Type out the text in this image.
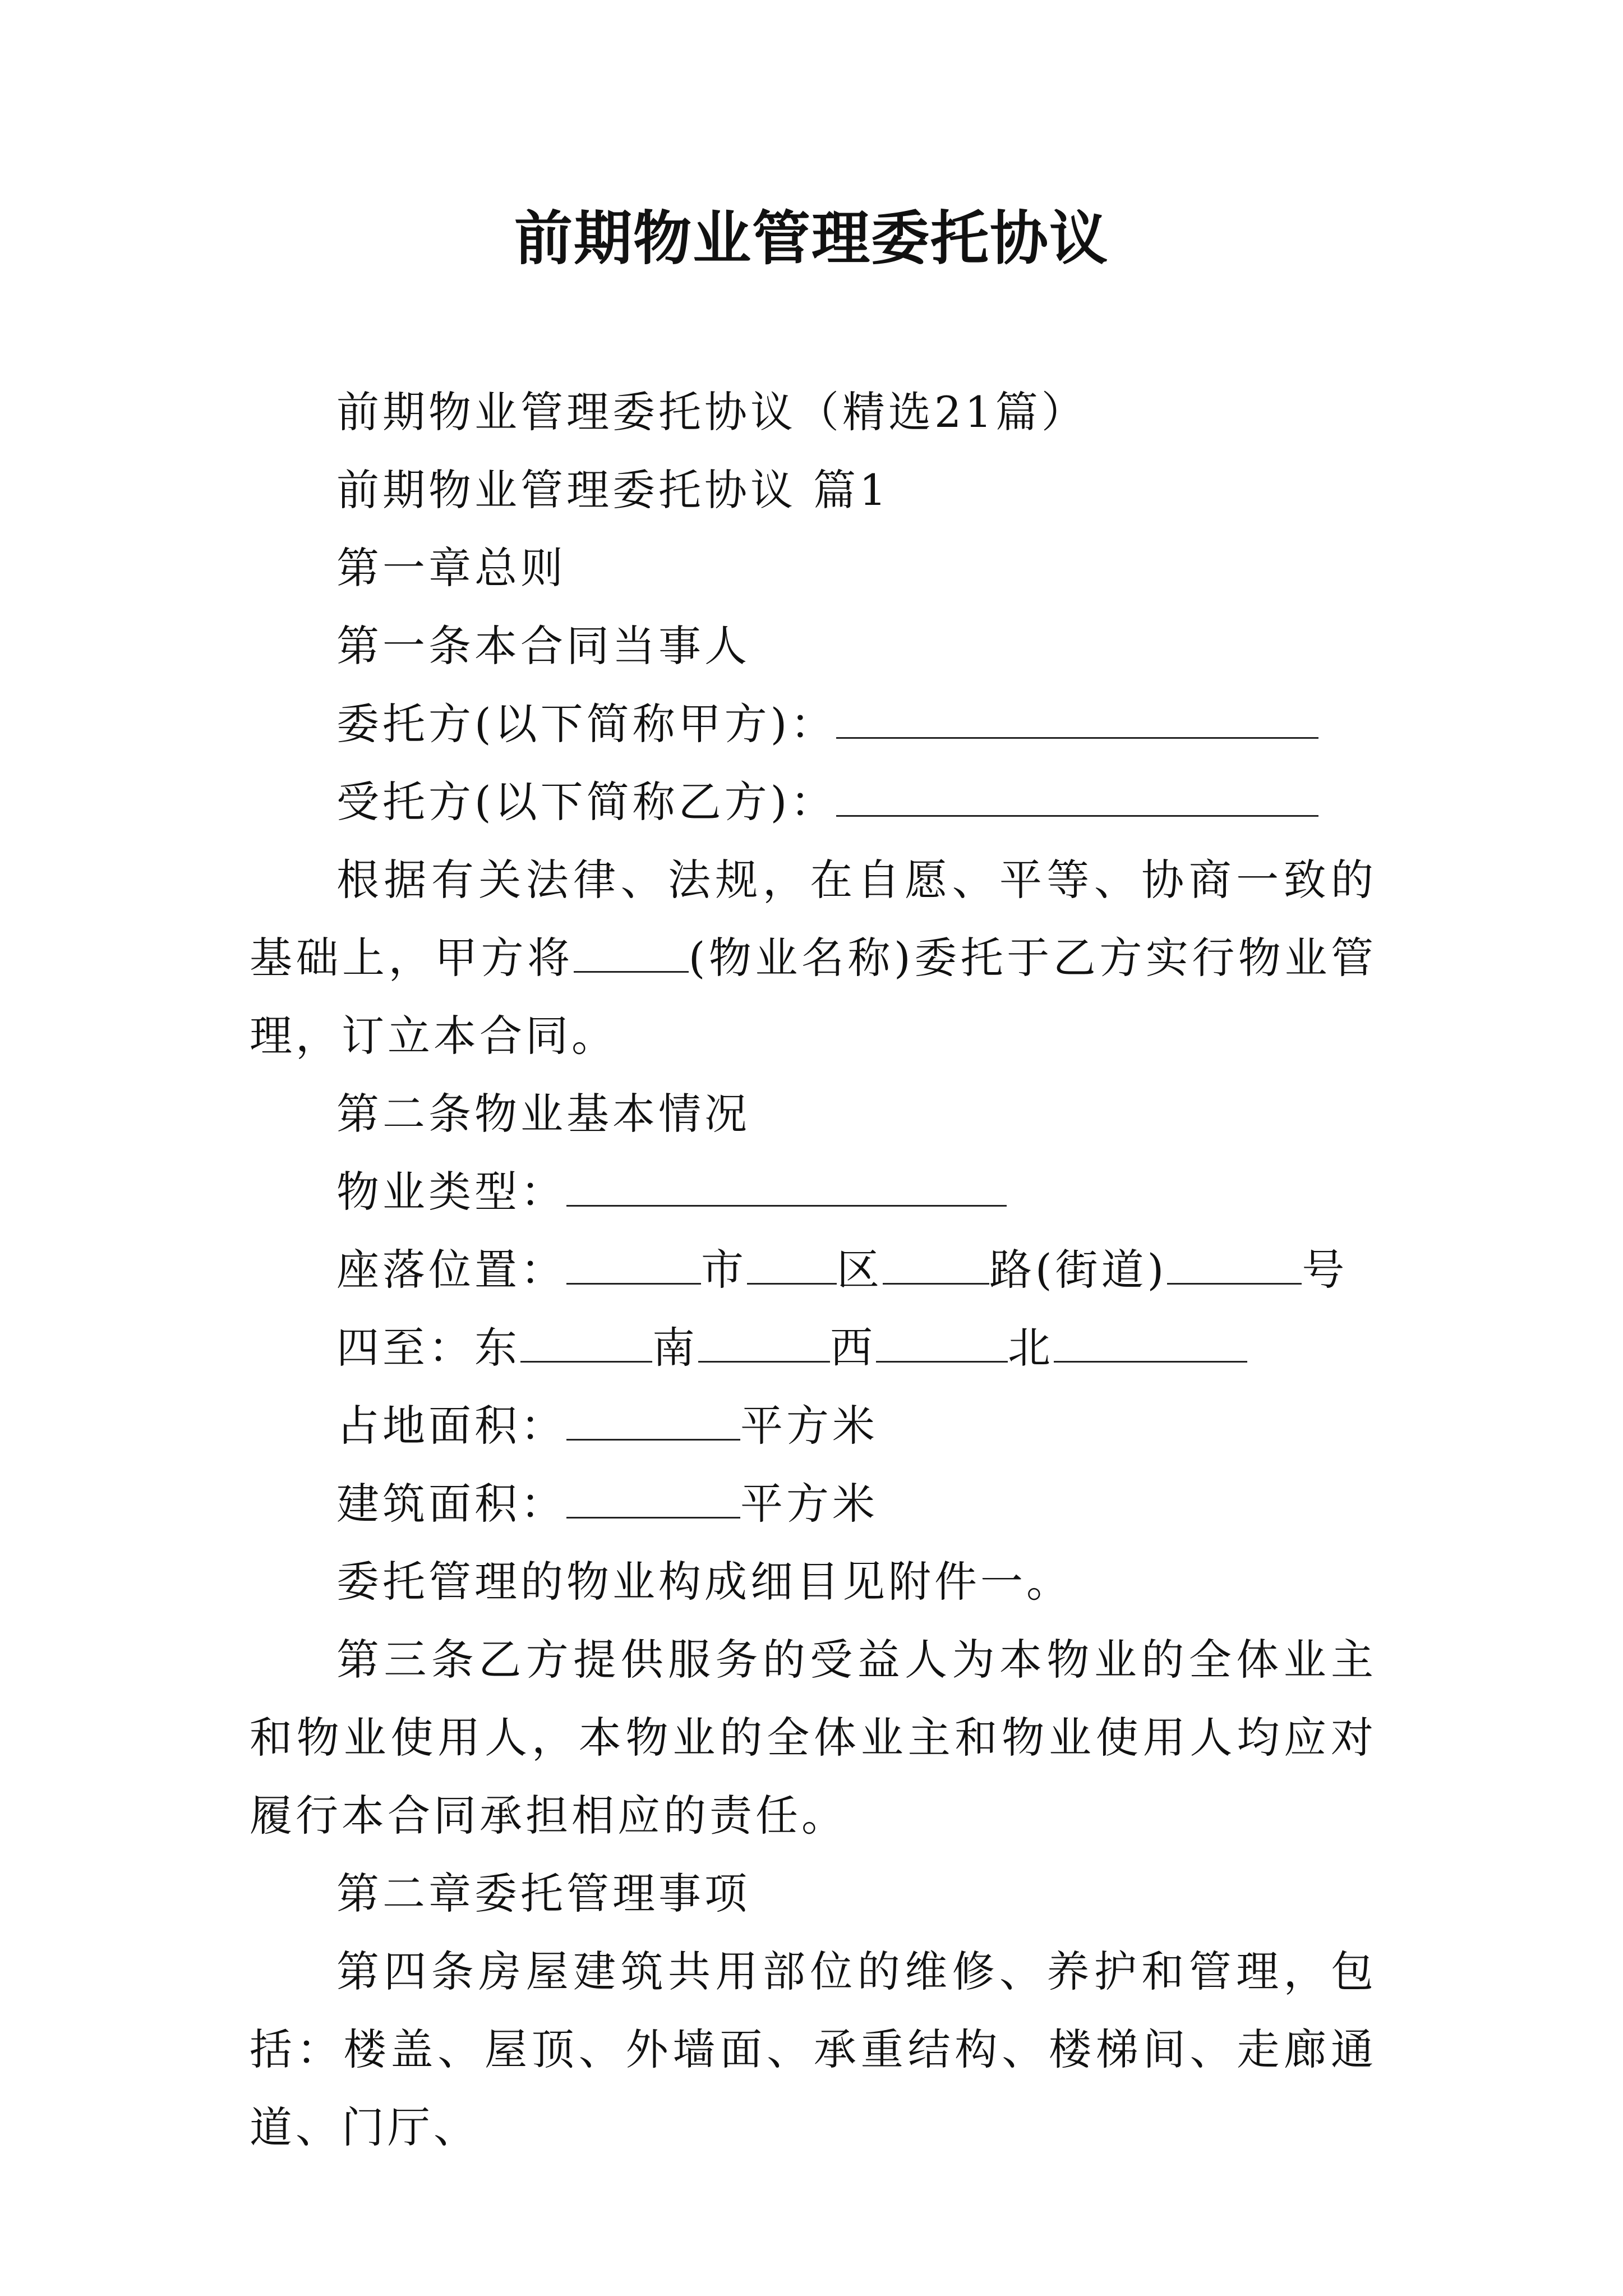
前期物业管理委托协议

前期物业管理委托协议（精选21篇）

前期物业管理委托协议 篇1

第一章总则

第一条本合同当事人

委托方(以下简称甲方)：

受托方(以下简称乙方)：

根据有关法律、法规，在自愿、平等、协商一致的基础上，甲方将	(物业名称)委托于乙方实行物业管理，订立本合同。

第二条物业基本情况

物业类型：

座落位置：	市 区	路(街道)	号

四至：东	南	西	北

占地面积：	平方米

建筑面积：	平方米

委托管理的物业构成细目见附件一。

第三条乙方提供服务的受益人为本物业的全体业主和物业使用人，本物业的全体业主和物业使用人均应对履行本合同承担相应的责任。

第二章委托管理事项

第四条房屋建筑共用部位的维修、养护和管理，包括：楼盖、屋顶、外墙面、承重结构、楼梯间、走廊通道、门厅、
